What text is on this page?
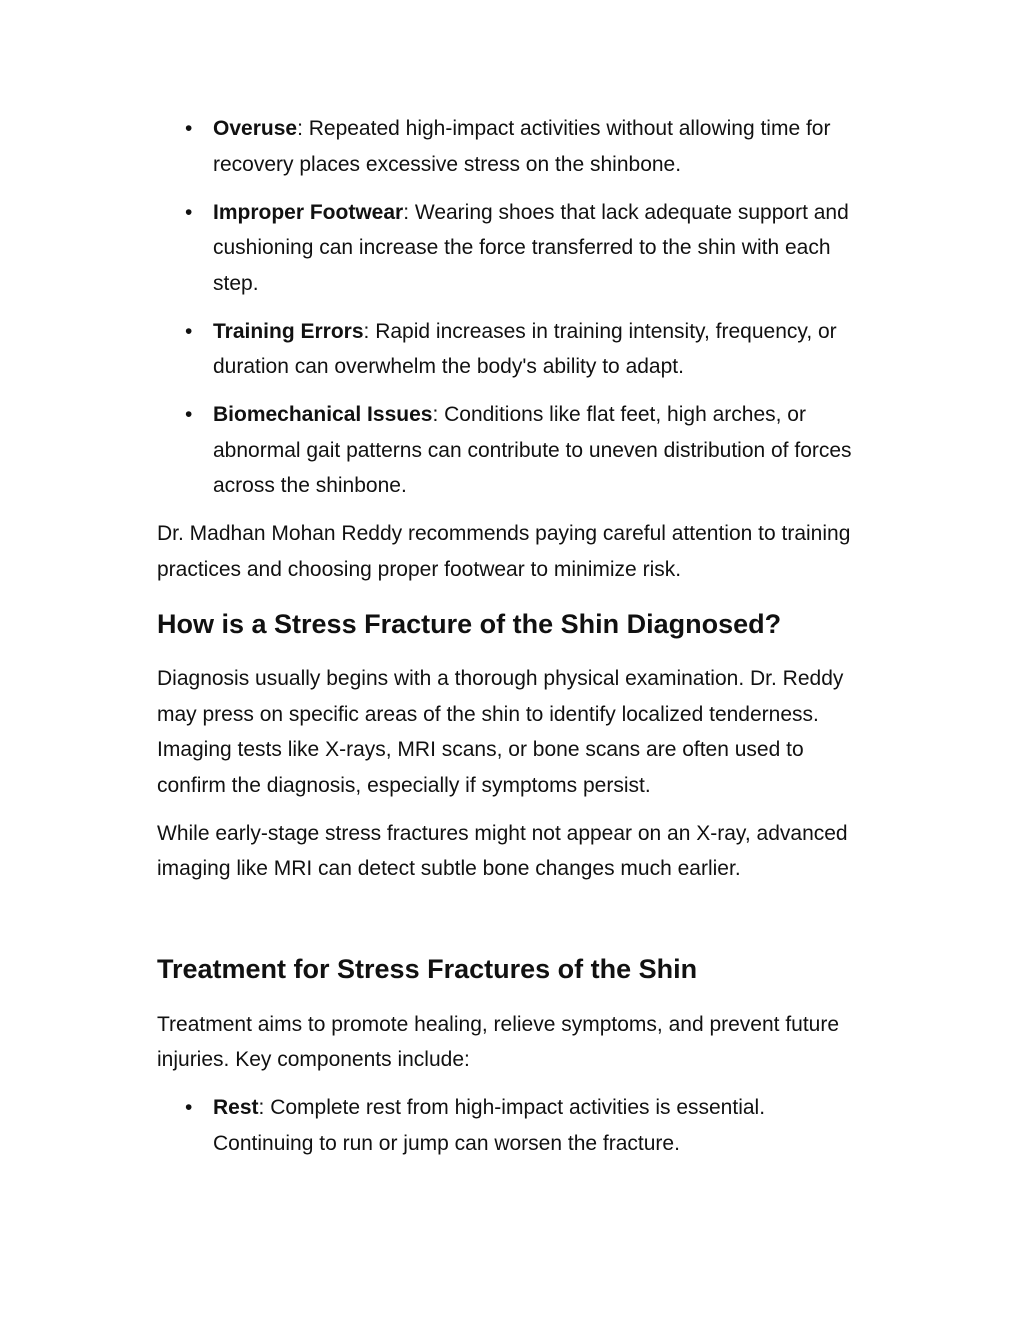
• Overuse: Repeated high-impact activities without allowing time for recovery places excessive stress on the shinbone.
• Improper Footwear: Wearing shoes that lack adequate support and cushioning can increase the force transferred to the shin with each step.
• Training Errors: Rapid increases in training intensity, frequency, or duration can overwhelm the body's ability to adapt.
• Biomechanical Issues: Conditions like flat feet, high arches, or abnormal gait patterns can contribute to uneven distribution of forces across the shinbone.

Dr. Madhan Mohan Reddy recommends paying careful attention to training practices and choosing proper footwear to minimize risk.

How is a Stress Fracture of the Shin Diagnosed?

Diagnosis usually begins with a thorough physical examination. Dr. Reddy may press on specific areas of the shin to identify localized tenderness. Imaging tests like X-rays, MRI scans, or bone scans are often used to confirm the diagnosis, especially if symptoms persist.

While early-stage stress fractures might not appear on an X-ray, advanced imaging like MRI can detect subtle bone changes much earlier.

Treatment for Stress Fractures of the Shin

Treatment aims to promote healing, relieve symptoms, and prevent future injuries. Key components include:

• Rest: Complete rest from high-impact activities is essential. Continuing to run or jump can worsen the fracture.
